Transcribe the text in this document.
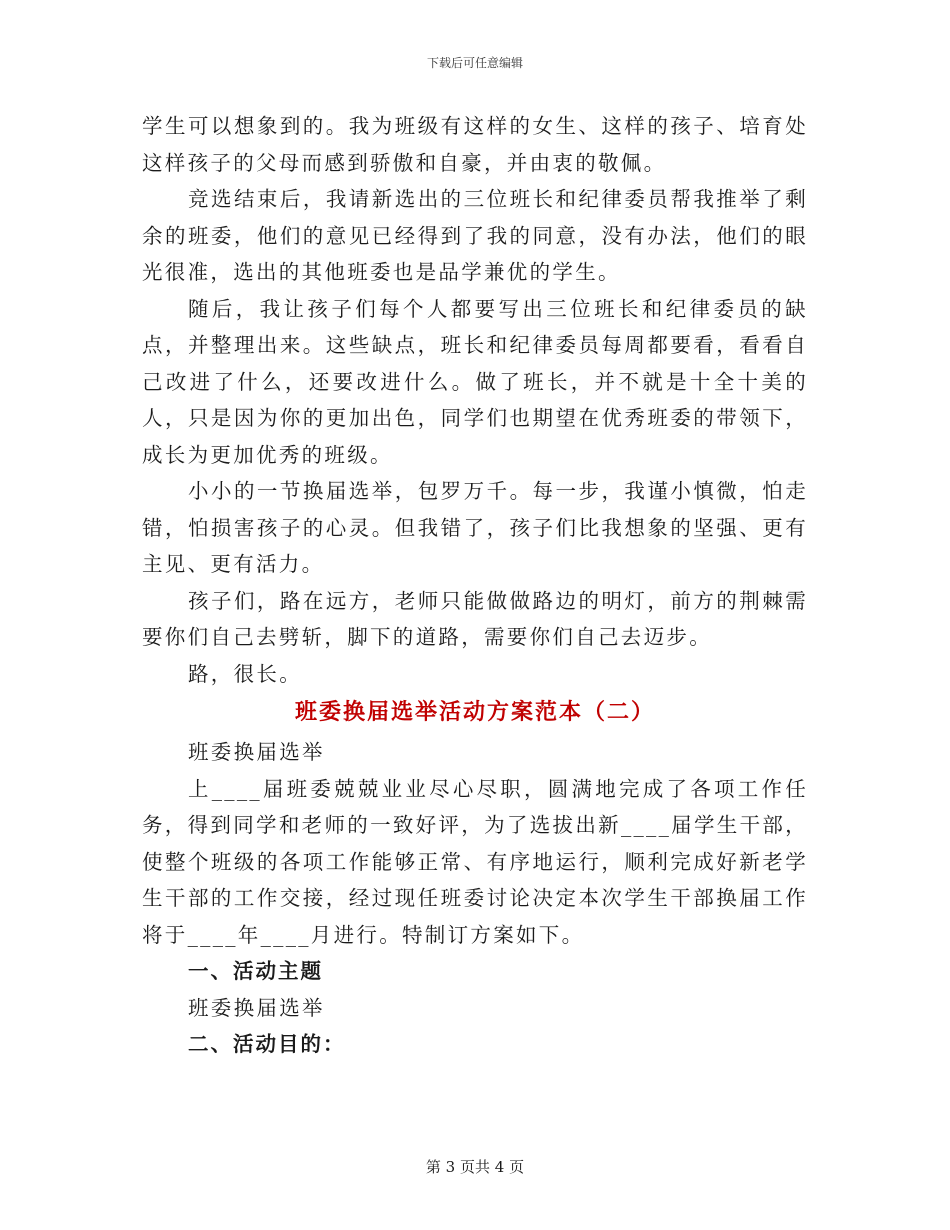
下载后可任意编辑

学生可以想象到的。我为班级有这样的女生、这样的孩子、培育处这样孩子的父母而感到骄傲和自豪，并由衷的敬佩。

竞选结束后，我请新选出的三位班长和纪律委员帮我推举了剩余的班委，他们的意见已经得到了我的同意，没有办法，他们的眼光很准，选出的其他班委也是品学兼优的学生。

随后，我让孩子们每个人都要写出三位班长和纪律委员的缺点，并整理出来。这些缺点，班长和纪律委员每周都要看，看看自己改进了什么，还要改进什么。做了班长，并不就是十全十美的人，只是因为你的更加出色，同学们也期望在优秀班委的带领下，成长为更加优秀的班级。

小小的一节换届选举，包罗万千。每一步，我谨小慎微，怕走错，怕损害孩子的心灵。但我错了，孩子们比我想象的坚强、更有主见、更有活力。

孩子们，路在远方，老师只能做做路边的明灯，前方的荆棘需要你们自己去劈斩，脚下的道路，需要你们自己去迈步。

路，很长。

班委换届选举活动方案范本（二）

班委换届选举

上____届班委兢兢业业尽心尽职，圆满地完成了各项工作任务，得到同学和老师的一致好评，为了选拔出新____届学生干部，使整个班级的各项工作能够正常、有序地运行，顺利完成好新老学生干部的工作交接，经过现任班委讨论决定本次学生干部换届工作将于____年____月进行。特制订方案如下。

一、活动主题

班委换届选举

二、活动目的：

第 3 页共 4 页
